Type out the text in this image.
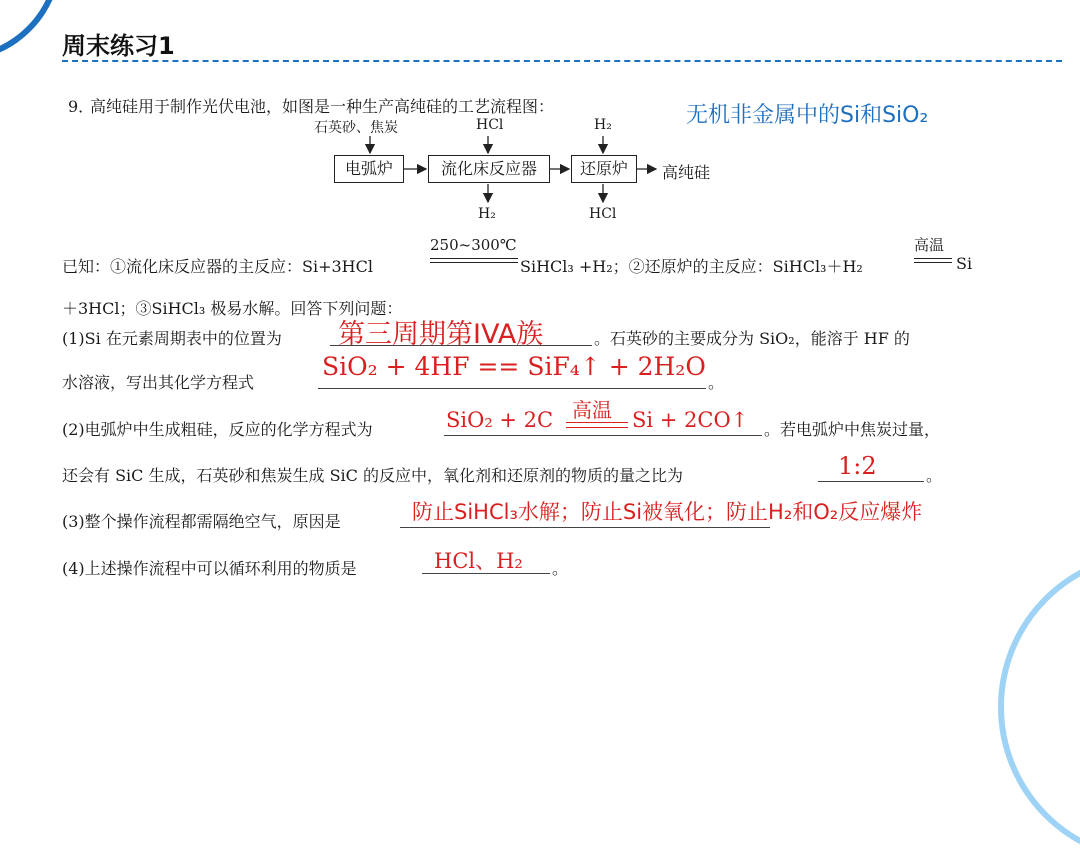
周末练习1
9．
高纯硅用于制作光伏电池，如图是一种生产高纯硅的工艺流程图：	无机非金属中的Si和SiO₂
石英砂、焦炭	HCl	H₂
电弧炉	流化床反应器	还原炉	高纯硅
H₂	HCl
已知：①流化床反应器的主反应：Si+3HCl
250~300℃
SiHCl₃ +H₂；②还原炉的主反应：SiHCl₃＋H₂
高温
Si
＋3HCl；③SiHCl₃ 极易水解。回答下列问题：
(1)Si 在元素周期表中的位置为 第三周期第IVA族	。石英砂的主要成分为 SiO₂，能溶于 HF 的
水溶液，写出其化学方程式
SiO₂ + 4HF == SiF₄↑ + 2H₂O
。
(2)电弧炉中生成粗硅，反应的化学方程式为	SiO₂ + 2C 高温 Si + 2CO↑ 。若电弧炉中焦炭过量，
还会有 SiC 生成，石英砂和焦炭生成 SiC 的反应中，氧化剂和还原剂的物质的量之比为	1:2	。
(3)整个操作流程都需隔绝空气，原因是	防止SiHCl₃水解；防止Si被氧化；防止H₂和O₂反应爆炸
(4)上述操作流程中可以循环利用的物质是	HCl、H₂ 。
